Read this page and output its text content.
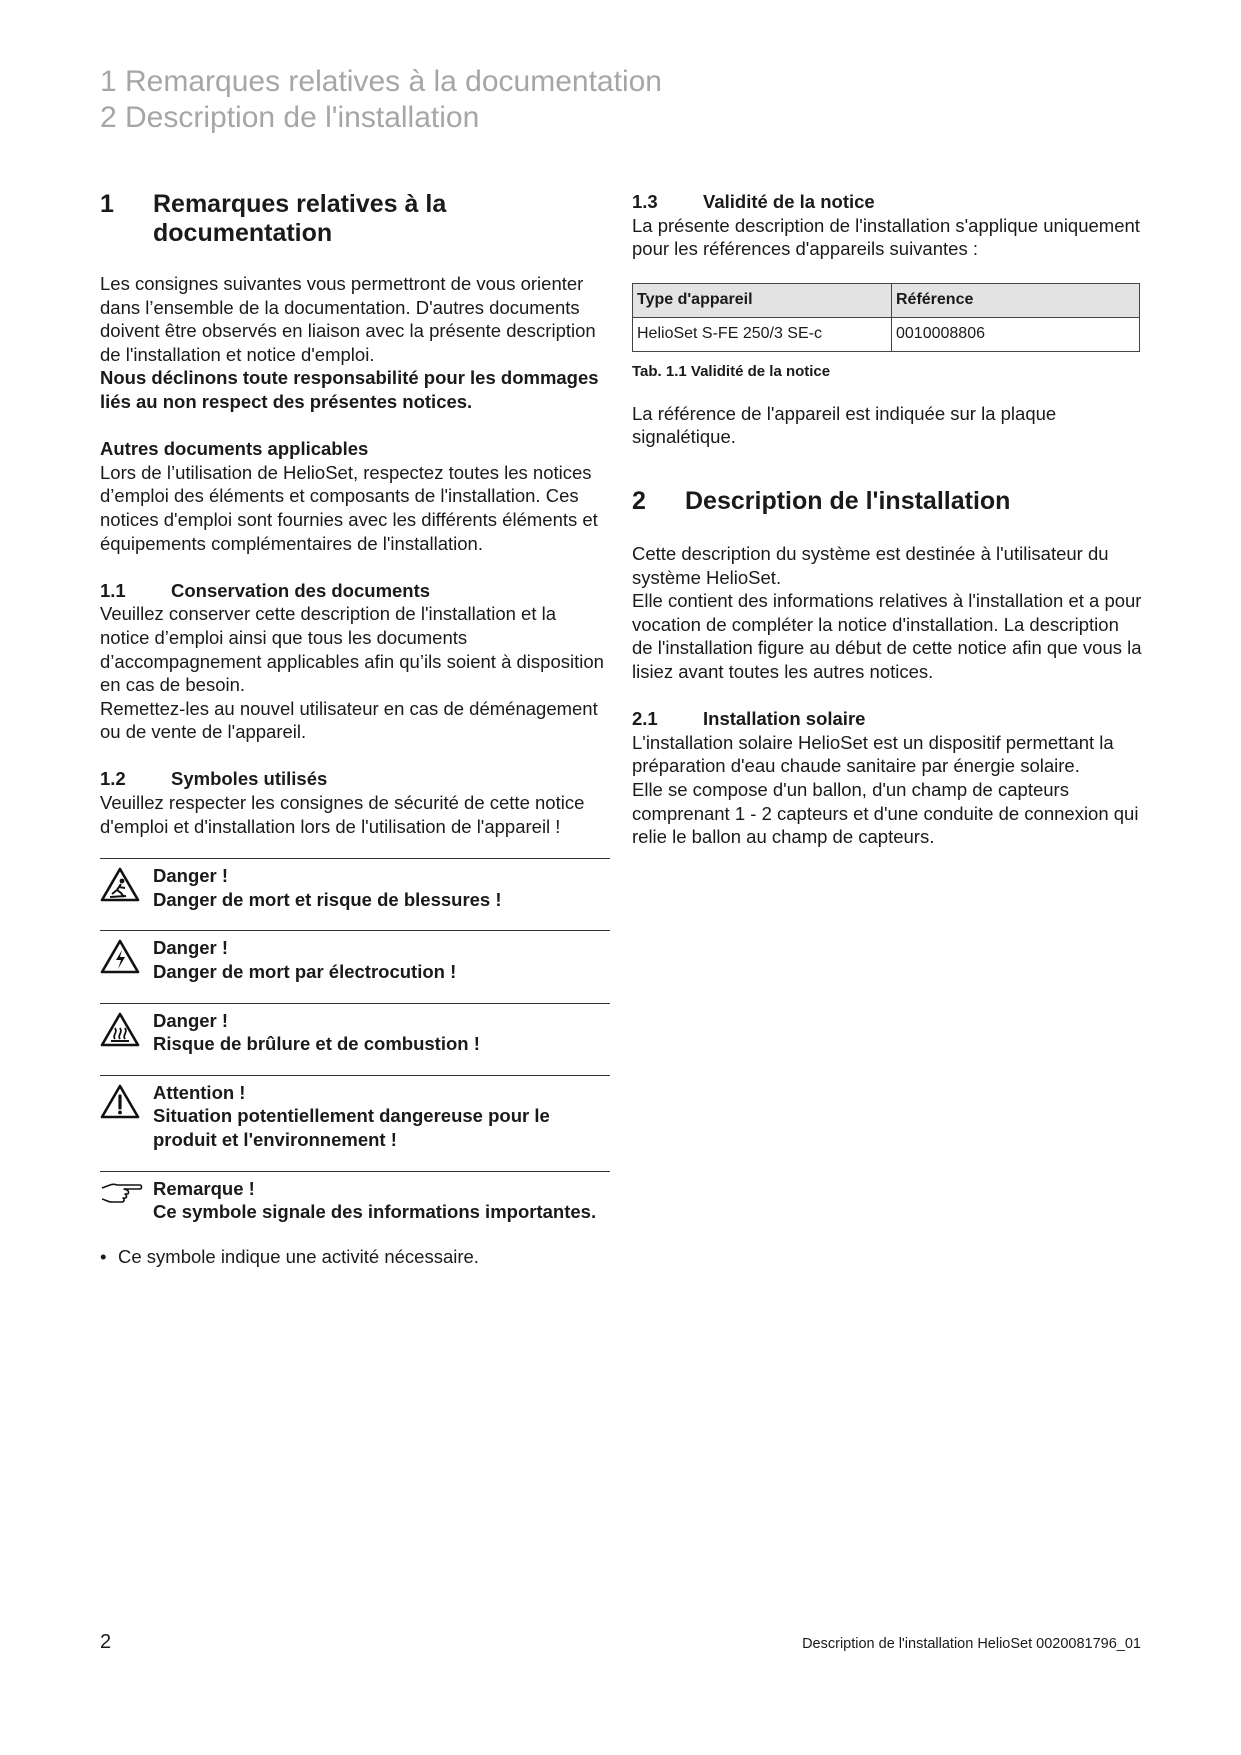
1 Remarques relatives à la documentation
2 Description de l'installation
1	Remarques relatives à la documentation

Les consignes suivantes vous permettront de vous orienter dans l’ensemble de la documentation. D'autres documents doivent être observés en liaison avec la présente description de l'installation et notice d'emploi.

Nous déclinons toute responsabilité pour les dommages liés au non respect des présentes notices.

Autres documents applicables

Lors de l’utilisation de HelioSet, respectez toutes les notices d’emploi des éléments et composants de l'installation. Ces notices d'emploi sont fournies avec les différents éléments et équipements complémentaires de l'installation.

1.1	Conservation des documents

Veuillez conserver cette description de l'installation et la notice d’emploi ainsi que tous les documents d’accompagnement applicables afin qu’ils soient à disposition en cas de besoin.

Remettez-les au nouvel utilisateur en cas de déménagement ou de vente de l'appareil.

1.2	Symboles utilisés

Veuillez respecter les consignes de sécurité de cette notice d'emploi et d'installation lors de l'utilisation de l'appareil !

Danger !
Danger de mort et risque de blessures !
Danger !
Danger de mort par électrocution !
Danger !
Risque de brûlure et de combustion !
Attention !
Situation potentiellement dangereuse pour le produit et l'environnement !
Remarque !
Ce symbole signale des informations importantes.
• Ce symbole indique une activité nécessaire.
1.3	Validité de la notice

La présente description de l'installation s'applique uniquement pour les références d'appareils suivantes :

Type d'appareil	Référence
HelioSet S-FE 250/3 SE-c	0010008806
Tab. 1.1 Validité de la notice

La référence de l'appareil est indiquée sur la plaque signalétique.

2	Description de l'installation

Cette description du système est destinée à l'utilisateur du système HelioSet.

Elle contient des informations relatives à l'installation et a pour vocation de compléter la notice d'installation. La description de l'installation figure au début de cette notice afin que vous la lisiez avant toutes les autres notices.

2.1	Installation solaire

L'installation solaire HelioSet est un dispositif permettant la préparation d'eau chaude sanitaire par énergie solaire.

Elle se compose d'un ballon, d'un champ de capteurs comprenant 1 - 2 capteurs et d'une conduite de connexion qui relie le ballon au champ de capteurs.

2	Description de l'installation HelioSet 0020081796_01
